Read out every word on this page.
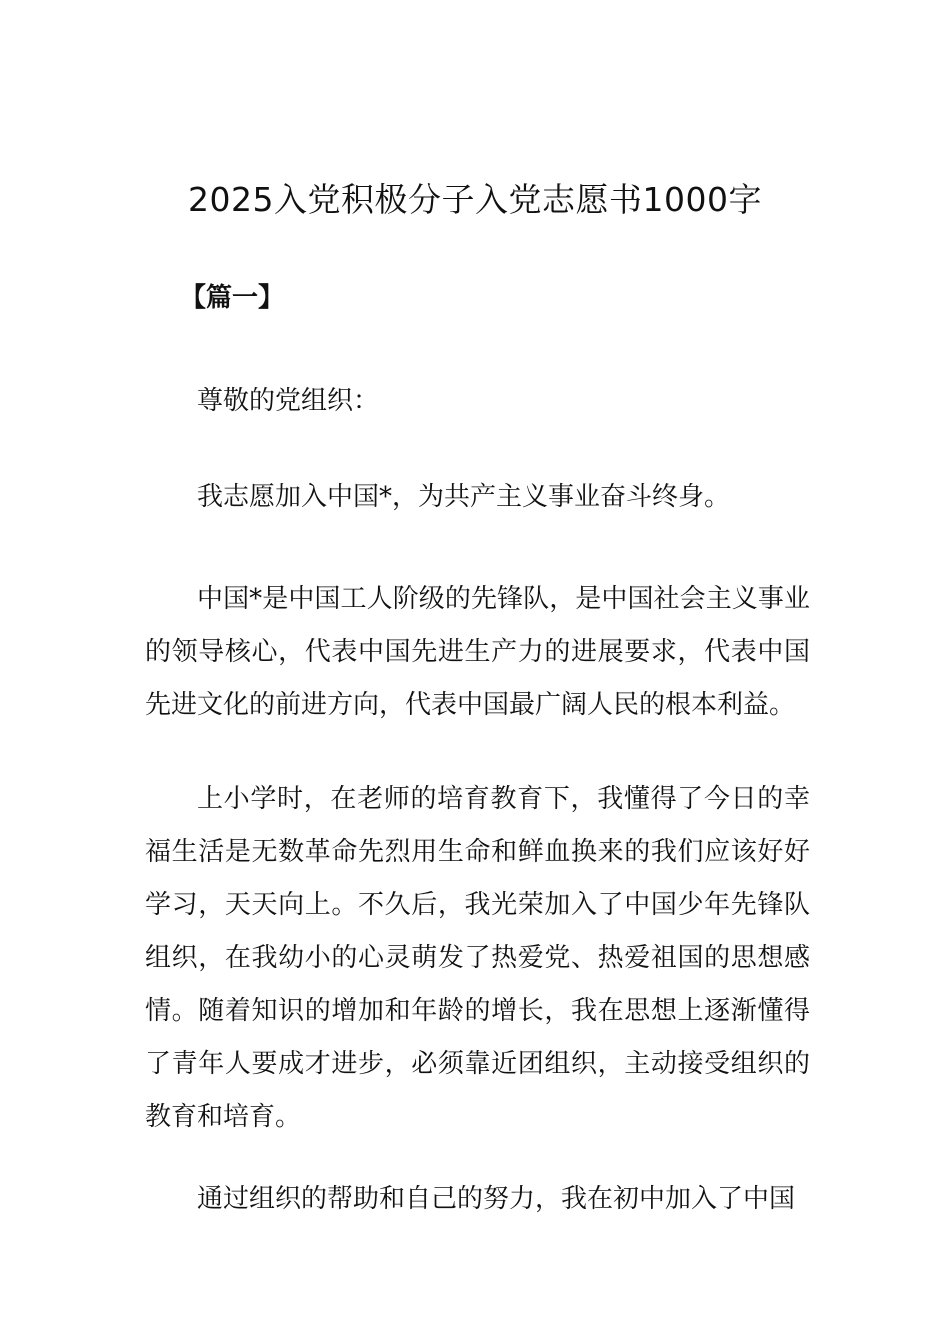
2025入党积极分子入党志愿书1000字
【篇一】
尊敬的党组织：

我志愿加入中国*，为共产主义事业奋斗终身。

中国*是中国工人阶级的先锋队，是中国社会主义事业的领导核心，代表中国先进生产力的进展要求，代表中国先进文化的前进方向，代表中国最广阔人民的根本利益。

上小学时，在老师的培育教育下，我懂得了今日的幸福生活是无数革命先烈用生命和鲜血换来的我们应该好好学习，天天向上。不久后，我光荣加入了中国少年先锋队组织，在我幼小的心灵萌发了热爱党、热爱祖国的思想感情。随着知识的增加和年龄的增长，我在思想上逐渐懂得了青年人要成才进步，必须靠近团组织，主动接受组织的教育和培育。

通过组织的帮助和自己的努力，我在初中加入了中国
